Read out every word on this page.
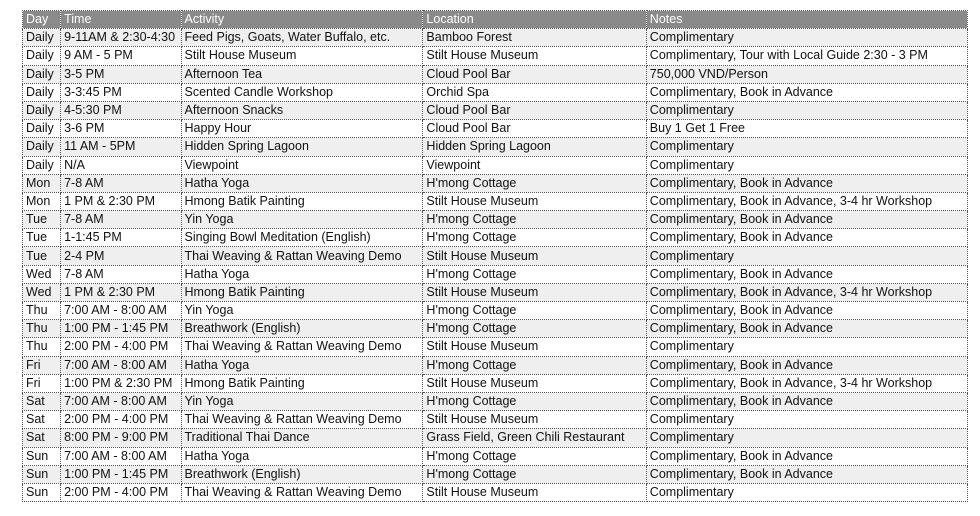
Day	Time	Activity	Location	Notes
Daily	9-11AM & 2:30-4:30	Feed Pigs, Goats, Water Buffalo, etc.	Bamboo Forest	Complimentary
Daily	9 AM - 5 PM	Stilt House Museum	Stilt House Museum	Complimentary, Tour with Local Guide 2:30 - 3 PM
Daily	3-5 PM	Afternoon Tea	Cloud Pool Bar	750,000 VND/Person
Daily	3-3:45 PM	Scented Candle Workshop	Orchid Spa	Complimentary, Book in Advance
Daily	4-5:30 PM	Afternoon Snacks	Cloud Pool Bar	Complimentary
Daily	3-6 PM	Happy Hour	Cloud Pool Bar	Buy 1 Get 1 Free
Daily	11 AM - 5PM	Hidden Spring Lagoon	Hidden Spring Lagoon	Complimentary
Daily	N/A	Viewpoint	Viewpoint	Complimentary
Mon	7-8 AM	Hatha Yoga	H'mong Cottage	Complimentary, Book in Advance
Mon	1 PM & 2:30 PM	Hmong Batik Painting	Stilt House Museum	Complimentary, Book in Advance, 3-4 hr Workshop
Tue	7-8 AM	Yin Yoga	H'mong Cottage	Complimentary, Book in Advance
Tue	1-1:45 PM	Singing Bowl Meditation (English)	H'mong Cottage	Complimentary, Book in Advance
Tue	2-4 PM	Thai Weaving & Rattan Weaving Demo	Stilt House Museum	Complimentary
Wed	7-8 AM	Hatha Yoga	H'mong Cottage	Complimentary, Book in Advance
Wed	1 PM & 2:30 PM	Hmong Batik Painting	Stilt House Museum	Complimentary, Book in Advance, 3-4 hr Workshop
Thu	7:00 AM - 8:00 AM	Yin Yoga	H'mong Cottage	Complimentary, Book in Advance
Thu	1:00 PM - 1:45 PM	Breathwork (English)	H'mong Cottage	Complimentary, Book in Advance
Thu	2:00 PM - 4:00 PM	Thai Weaving & Rattan Weaving Demo	Stilt House Museum	Complimentary
Fri	7:00 AM - 8:00 AM	Hatha Yoga	H'mong Cottage	Complimentary, Book in Advance
Fri	1:00 PM & 2:30 PM	Hmong Batik Painting	Stilt House Museum	Complimentary, Book in Advance, 3-4 hr Workshop
Sat	7:00 AM - 8:00 AM	Yin Yoga	H'mong Cottage	Complimentary, Book in Advance
Sat	2:00 PM - 4:00 PM	Thai Weaving & Rattan Weaving Demo	Stilt House Museum	Complimentary
Sat	8:00 PM - 9:00 PM	Traditional Thai Dance	Grass Field, Green Chili Restaurant	Complimentary
Sun	7:00 AM - 8:00 AM	Hatha Yoga	H'mong Cottage	Complimentary, Book in Advance
Sun	1:00 PM - 1:45 PM	Breathwork (English)	H'mong Cottage	Complimentary, Book in Advance
Sun	2:00 PM - 4:00 PM	Thai Weaving & Rattan Weaving Demo	Stilt House Museum	Complimentary
